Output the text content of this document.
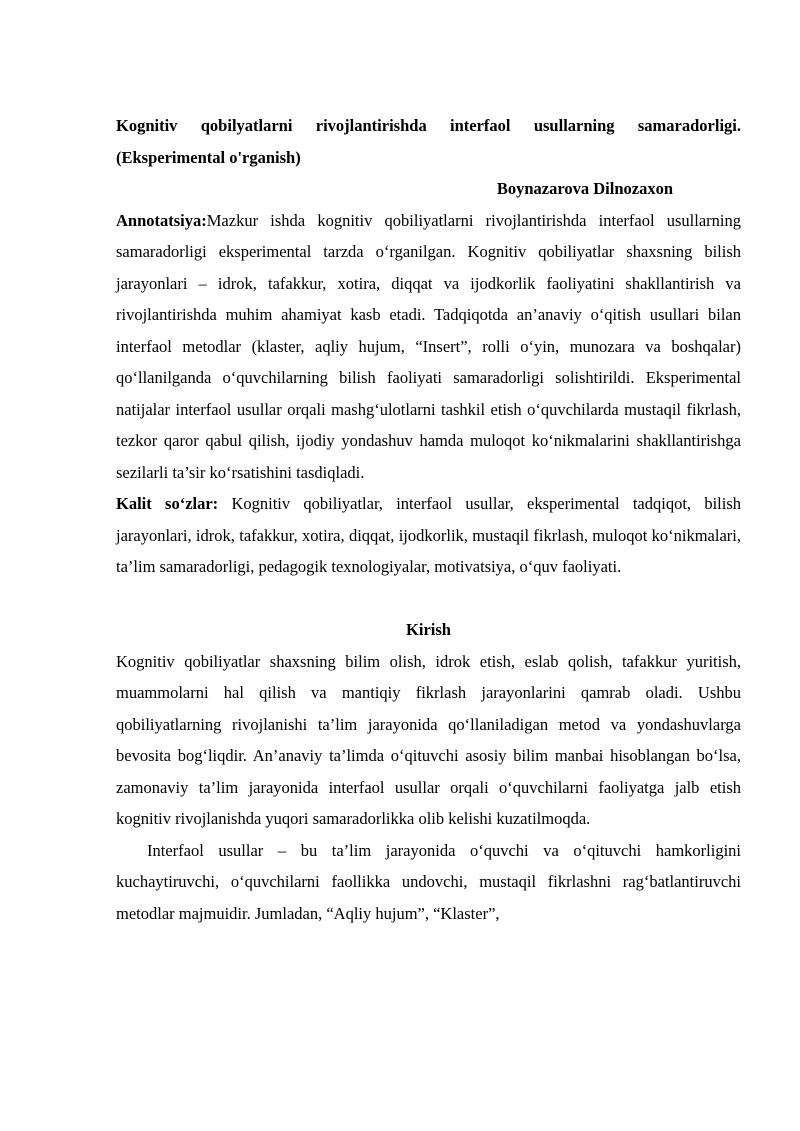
Kognitiv qobilyatlarni rivojlantirishda interfaol usullarning samaradorligi. (Eksperimental o'rganish)

Boynazarova Dilnozaxon

Annotatsiya:Mazkur ishda kognitiv qobiliyatlarni rivojlantirishda interfaol usullarning samaradorligi eksperimental tarzda oʻrganilgan. Kognitiv qobiliyatlar shaxsning bilish jarayonlari – idrok, tafakkur, xotira, diqqat va ijodkorlik faoliyatini shakllantirish va rivojlantirishda muhim ahamiyat kasb etadi. Tadqiqotda an’anaviy oʻqitish usullari bilan interfaol metodlar (klaster, aqliy hujum, “Insert”, rolli oʻyin, munozara va boshqalar) qoʻllanilganda oʻquvchilarning bilish faoliyati samaradorligi solishtirildi. Eksperimental natijalar interfaol usullar orqali mashgʻulotlarni tashkil etish oʻquvchilarda mustaqil fikrlash, tezkor qaror qabul qilish, ijodiy yondashuv hamda muloqot koʻnikmalarini shakllantirishga sezilarli ta’sir koʻrsatishini tasdiqladi.

Kalit soʻzlar: Kognitiv qobiliyatlar, interfaol usullar, eksperimental tadqiqot, bilish jarayonlari, idrok, tafakkur, xotira, diqqat, ijodkorlik, mustaqil fikrlash, muloqot koʻnikmalari, ta’lim samaradorligi, pedagogik texnologiyalar, motivatsiya, oʻquv faoliyati.

Kirish

Kognitiv qobiliyatlar shaxsning bilim olish, idrok etish, eslab qolish, tafakkur yuritish, muammolarni hal qilish va mantiqiy fikrlash jarayonlarini qamrab oladi. Ushbu qobiliyatlarning rivojlanishi ta’lim jarayonida qoʻllaniladigan metod va yondashuvlarga bevosita bogʻliqdir. An’anaviy ta’limda oʻqituvchi asosiy bilim manbai hisoblangan boʻlsa, zamonaviy ta’lim jarayonida interfaol usullar orqali oʻquvchilarni faoliyatga jalb etish kognitiv rivojlanishda yuqori samaradorlikka olib kelishi kuzatilmoqda.

Interfaol usullar – bu ta’lim jarayonida oʻquvchi va oʻqituvchi hamkorligini kuchaytiruvchi, oʻquvchilarni faollikka undovchi, mustaqil fikrlashni ragʻbatlantiruvchi metodlar majmuidir. Jumladan, “Aqliy hujum”, “Klaster”,
